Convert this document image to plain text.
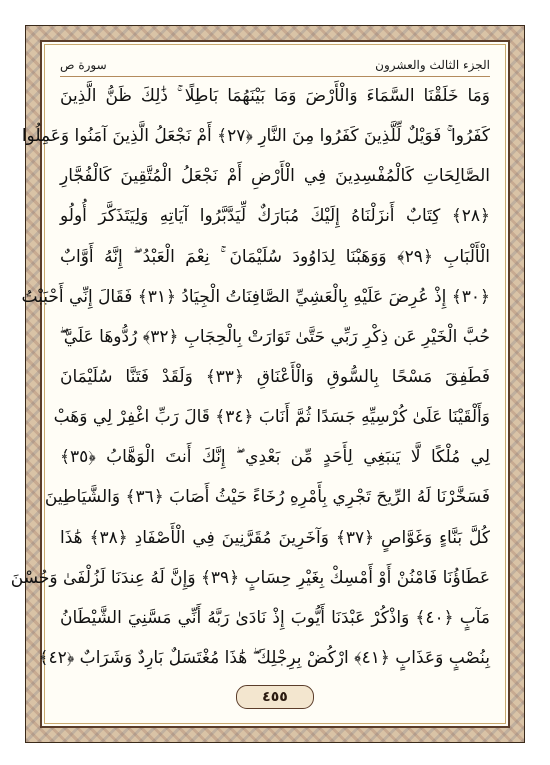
الجزء الثالث والعشرون
سورة ص
وَمَا خَلَقْنَا السَّمَاءَ وَالْأَرْضَ وَمَا بَيْنَهُمَا بَاطِلًا ۚ ذَٰلِكَ ظَنُّ الَّذِينَ
كَفَرُوا ۚ فَوَيْلٌ لِّلَّذِينَ كَفَرُوا مِنَ النَّارِ ﴿٢٧﴾ أَمْ نَجْعَلُ الَّذِينَ آمَنُوا وَعَمِلُوا
الصَّالِحَاتِ كَالْمُفْسِدِينَ فِي الْأَرْضِ أَمْ نَجْعَلُ الْمُتَّقِينَ كَالْفُجَّارِ
﴿٢٨﴾ كِتَابٌ أَنزَلْنَاهُ إِلَيْكَ مُبَارَكٌ لِّيَدَّبَّرُوا آيَاتِهِ وَلِيَتَذَكَّرَ أُولُو
الْأَلْبَابِ ﴿٢٩﴾ وَوَهَبْنَا لِدَاوُودَ سُلَيْمَانَ ۚ نِعْمَ الْعَبْدُ ۖ إِنَّهُ أَوَّابٌ
﴿٣٠﴾ إِذْ عُرِضَ عَلَيْهِ بِالْعَشِيِّ الصَّافِنَاتُ الْجِيَادُ ﴿٣١﴾ فَقَالَ إِنِّي أَحْبَبْتُ
حُبَّ الْخَيْرِ عَن ذِكْرِ رَبِّي حَتَّىٰ تَوَارَتْ بِالْحِجَابِ ﴿٣٢﴾ رُدُّوهَا عَلَيَّ ۖ
فَطَفِقَ مَسْحًا بِالسُّوقِ وَالْأَعْنَاقِ ﴿٣٣﴾ وَلَقَدْ فَتَنَّا سُلَيْمَانَ
وَأَلْقَيْنَا عَلَىٰ كُرْسِيِّهِ جَسَدًا ثُمَّ أَنَابَ ﴿٣٤﴾ قَالَ رَبِّ اغْفِرْ لِي وَهَبْ
لِي مُلْكًا لَّا يَنبَغِي لِأَحَدٍ مِّن بَعْدِي ۖ إِنَّكَ أَنتَ الْوَهَّابُ ﴿٣٥﴾
فَسَخَّرْنَا لَهُ الرِّيحَ تَجْرِي بِأَمْرِهِ رُخَاءً حَيْثُ أَصَابَ ﴿٣٦﴾ وَالشَّيَاطِينَ
كُلَّ بَنَّاءٍ وَغَوَّاصٍ ﴿٣٧﴾ وَآخَرِينَ مُقَرَّنِينَ فِي الْأَصْفَادِ ﴿٣٨﴾ هَٰذَا
عَطَاؤُنَا فَامْنُنْ أَوْ أَمْسِكْ بِغَيْرِ حِسَابٍ ﴿٣٩﴾ وَإِنَّ لَهُ عِندَنَا لَزُلْفَىٰ وَحُسْنَ
مَآبٍ ﴿٤٠﴾ وَاذْكُرْ عَبْدَنَا أَيُّوبَ إِذْ نَادَىٰ رَبَّهُ أَنِّي مَسَّنِيَ الشَّيْطَانُ
بِنُصْبٍ وَعَذَابٍ ﴿٤١﴾ ارْكُضْ بِرِجْلِكَ ۖ هَٰذَا مُغْتَسَلٌ بَارِدٌ وَشَرَابٌ ﴿٤٢﴾
٤٥٥
